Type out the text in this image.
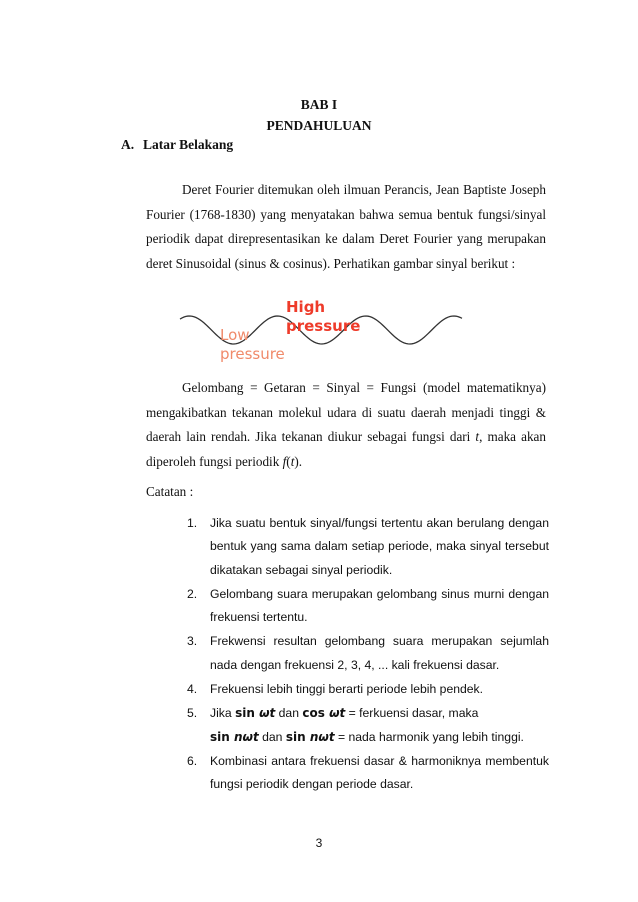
BAB I
PENDAHULUAN
A. Latar Belakang
Deret Fourier ditemukan oleh ilmuan Perancis, Jean Baptiste Joseph Fourier (1768-1830) yang menyatakan bahwa semua bentuk fungsi/sinyal periodik dapat direpresentasikan ke dalam Deret Fourier yang merupakan deret Sinusoidal (sinus & cosinus). Perhatikan gambar sinyal berikut :
High
pressure
Low
pressure
Gelombang = Getaran = Sinyal = Fungsi (model matematiknya) mengakibatkan tekanan molekul udara di suatu daerah menjadi tinggi & daerah lain rendah. Jika tekanan diukur sebagai fungsi dari t, maka akan diperoleh fungsi periodik f(t).
Catatan :
1. Jika suatu bentuk sinyal/fungsi tertentu akan berulang dengan bentuk yang sama dalam setiap periode, maka sinyal tersebut dikatakan sebagai sinyal periodik.
2. Gelombang suara merupakan gelombang sinus murni dengan frekuensi tertentu.
3. Frekwensi resultan gelombang suara merupakan sejumlah nada dengan frekuensi 2, 3, 4, ... kali frekuensi dasar.
4. Frekuensi lebih tinggi berarti periode lebih pendek.
5. Jika sin ωt dan cos ωt = ferkuensi dasar, maka
sin nωt dan sin nωt = nada harmonik yang lebih tinggi.
6. Kombinasi antara frekuensi dasar & harmoniknya membentuk fungsi periodik dengan periode dasar.
3
